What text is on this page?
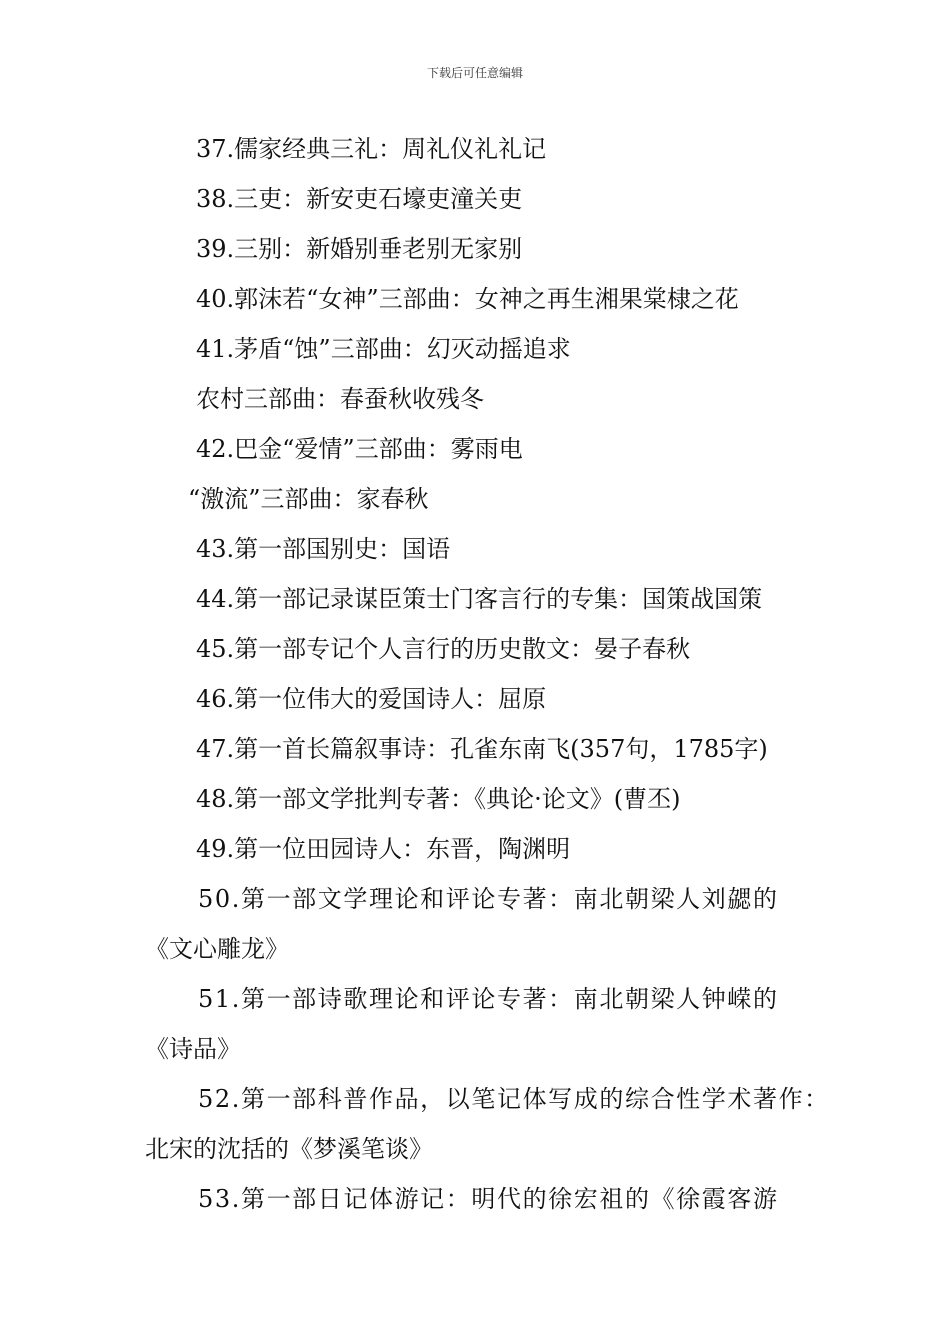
下载后可任意编辑
37.儒家经典三礼：周礼仪礼礼记
38.三吏：新安吏石壕吏潼关吏
39.三别：新婚别垂老别无家别
40.郭沫若“女神”三部曲：女神之再生湘果棠棣之花
41.茅盾“蚀”三部曲：幻灭动摇追求
农村三部曲：春蚕秋收残冬
42.巴金“爱情”三部曲：雾雨电
“激流”三部曲：家春秋
43.第一部国别史：国语
44.第一部记录谋臣策士门客言行的专集：国策战国策
45.第一部专记个人言行的历史散文：晏子春秋
46.第一位伟大的爱国诗人：屈原
47.第一首长篇叙事诗：孔雀东南飞(357句，1785字)
48.第一部文学批判专著：《典论·论文》(曹丕)
49.第一位田园诗人：东晋，陶渊明
50.第一部文学理论和评论专著：南北朝梁人刘勰的
《文心雕龙》
51.第一部诗歌理论和评论专著：南北朝梁人钟嵘的
《诗品》
52.第一部科普作品，以笔记体写成的综合性学术著作：
北宋的沈括的《梦溪笔谈》
53.第一部日记体游记：明代的徐宏祖的《徐霞客游
